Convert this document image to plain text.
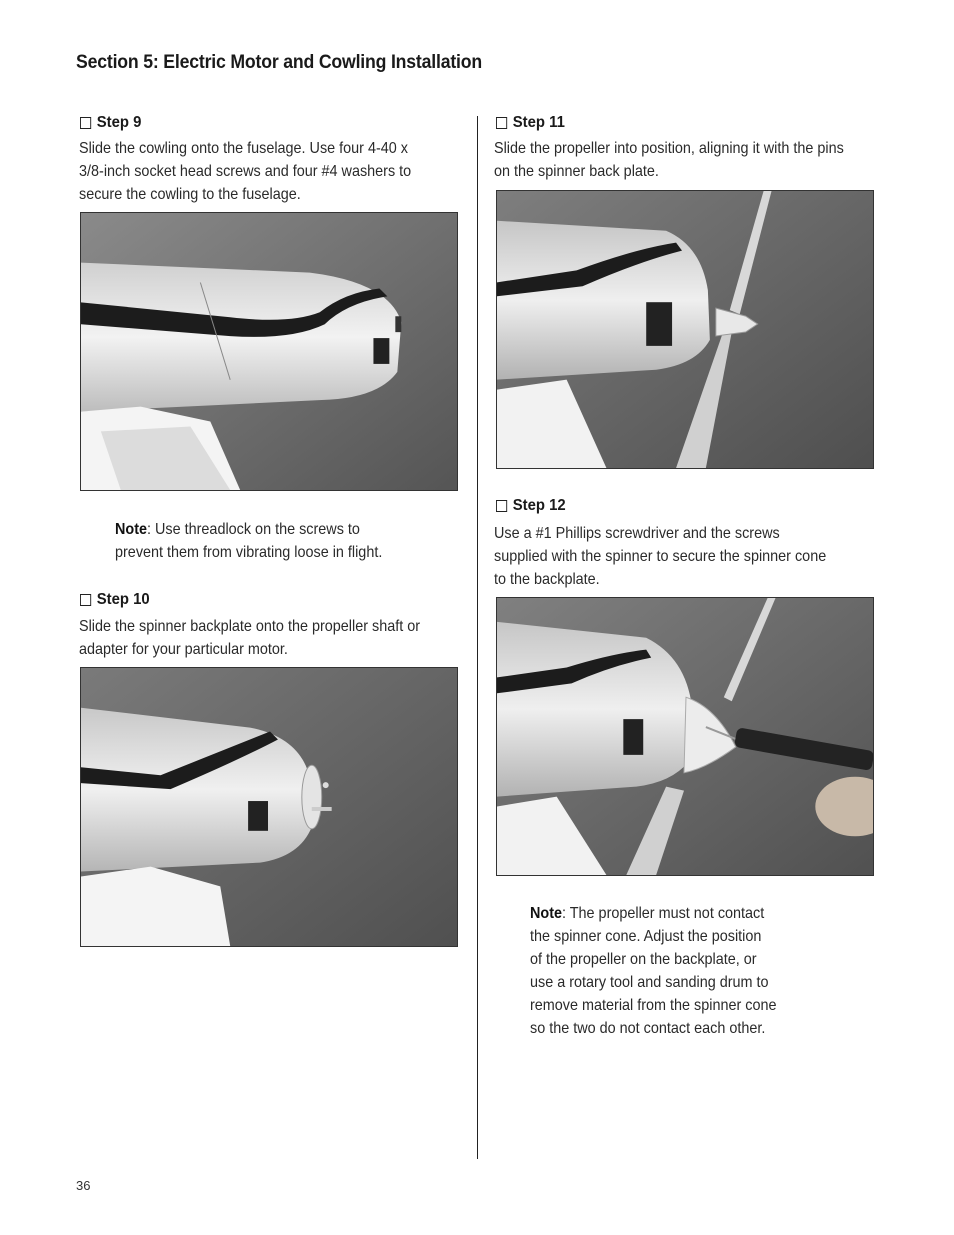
Section 5: Electric Motor and Cowling Installation
Step 9
Slide the cowling onto the fuselage. Use four 4-40 x
3/8-inch socket head screws and four #4 washers to
secure the cowling to the fuselage.
Note: Use threadlock on the screws to
prevent them from vibrating loose in flight.
Step 10
Slide the spinner backplate onto the propeller shaft or
adapter for your particular motor.
Step 11
Slide the propeller into position, aligning it with the pins
on the spinner back plate.
Step 12
Use a #1 Phillips screwdriver and the screws
supplied with the spinner to secure the spinner cone
to the backplate.
Note: The propeller must not contact
the spinner cone. Adjust the position
of the propeller on the backplate, or
use a rotary tool and sanding drum to
remove material from the spinner cone
so the two do not contact each other.
36
